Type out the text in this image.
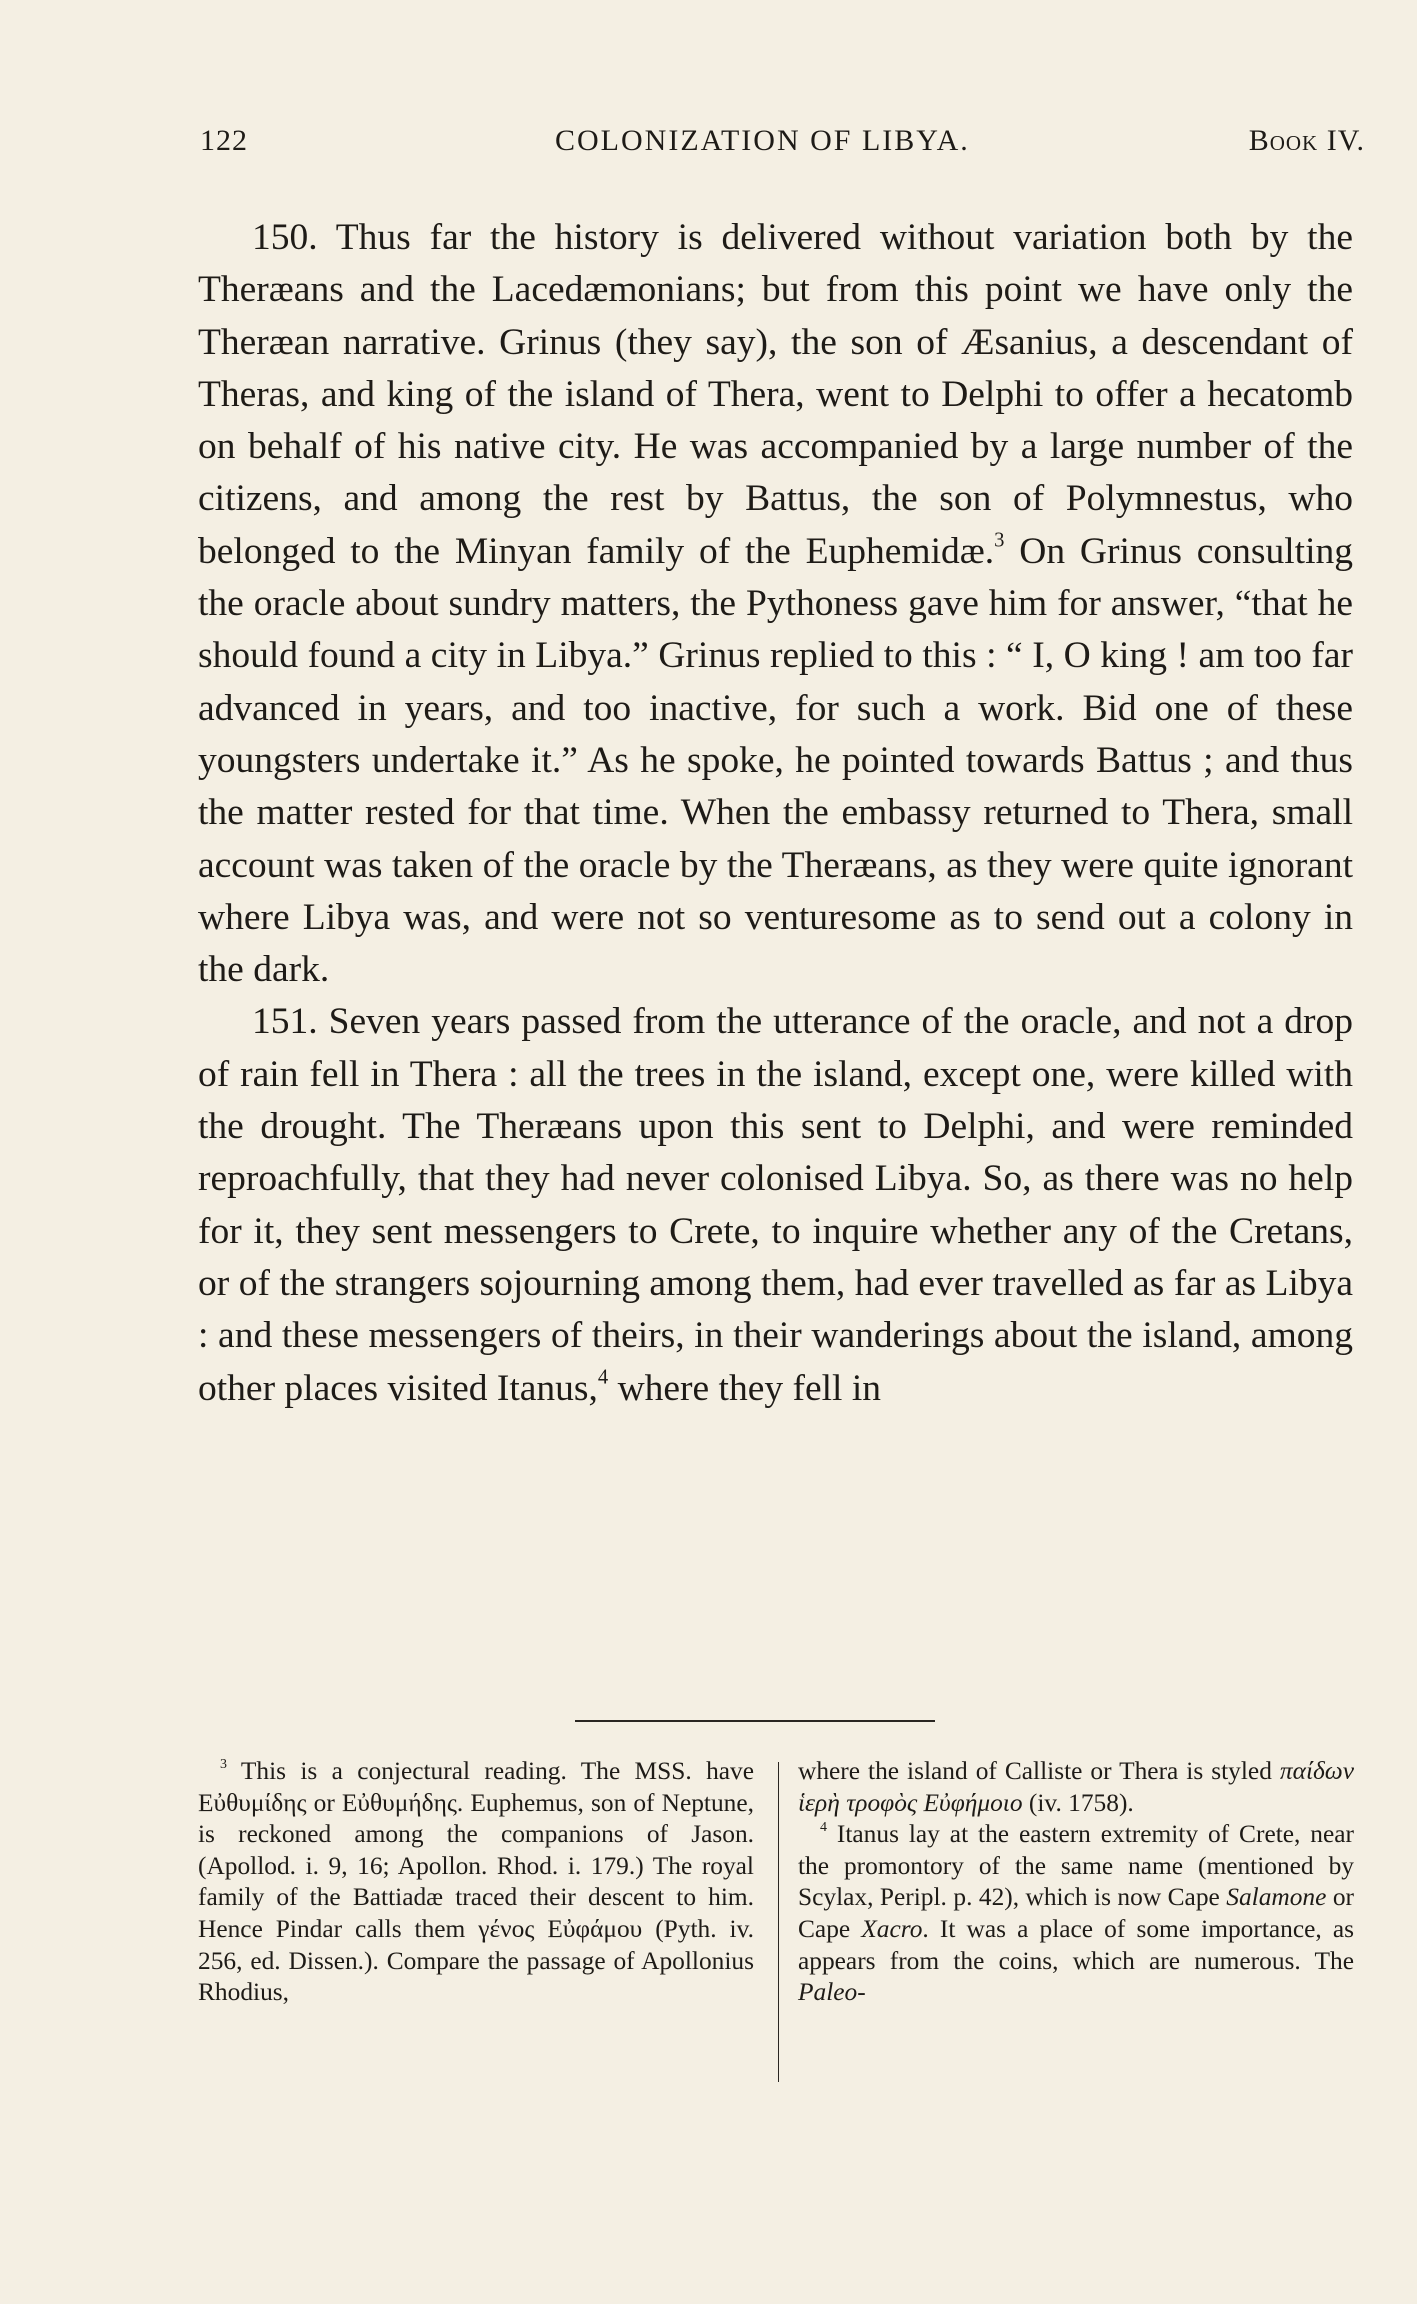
122	COLONIZATION OF LIBYA.	Book IV.

150. Thus far the history is delivered without variation both by the Theræans and the Lacedæmonians; but from this point we have only the Theræan narrative. Grinus (they say), the son of Æsanius, a descendant of Theras, and king of the island of Thera, went to Delphi to offer a hecatomb on behalf of his native city. He was accompanied by a large number of the citizens, and among the rest by Battus, the son of Polymnestus, who belonged to the Minyan family of the Euphemidæ.$^3$ On Grinus consulting the oracle about sundry matters, the Pythoness gave him for answer, “that he should found a city in Libya.” Grinus replied to this : “ I, O king ! am too far advanced in years, and too inactive, for such a work. Bid one of these youngsters undertake it.” As he spoke, he pointed towards Battus ; and thus the matter rested for that time. When the embassy returned to Thera, small account was taken of the oracle by the Theræans, as they were quite ignorant where Libya was, and were not so venturesome as to send out a colony in the dark.

151. Seven years passed from the utterance of the oracle, and not a drop of rain fell in Thera : all the trees in the island, except one, were killed with the drought. The Theræans upon this sent to Delphi, and were reminded reproachfully, that they had never colonised Libya. So, as there was no help for it, they sent messengers to Crete, to inquire whether any of the Cretans, or of the strangers sojourning among them, had ever travelled as far as Libya : and these messengers of theirs, in their wanderings about the island, among other places visited Itanus,$^4$ where they fell in

$^3$ This is a conjectural reading. The MSS. have Εὐθυμίδης or Εὐθυμήδης. Euphemus, son of Neptune, is reckoned among the companions of Jason. (Apollod. i. 9, 16; Apollon. Rhod. i. 179.) The royal family of the Battiadæ traced their descent to him. Hence Pindar calls them γένος Εὐφάμου (Pyth. iv. 256, ed. Dissen.). Compare the passage of Apollonius Rhodius,

where the island of Calliste or Thera is styled παίδων ἱερὴ τροφὸς Εὐφήμοιο (iv. 1758).

$^4$ Itanus lay at the eastern extremity of Crete, near the promontory of the same name (mentioned by Scylax, Peripl. p. 42), which is now Cape Salamone or Cape Xacro. It was a place of some importance, as appears from the coins, which are numerous. The Paleo-
